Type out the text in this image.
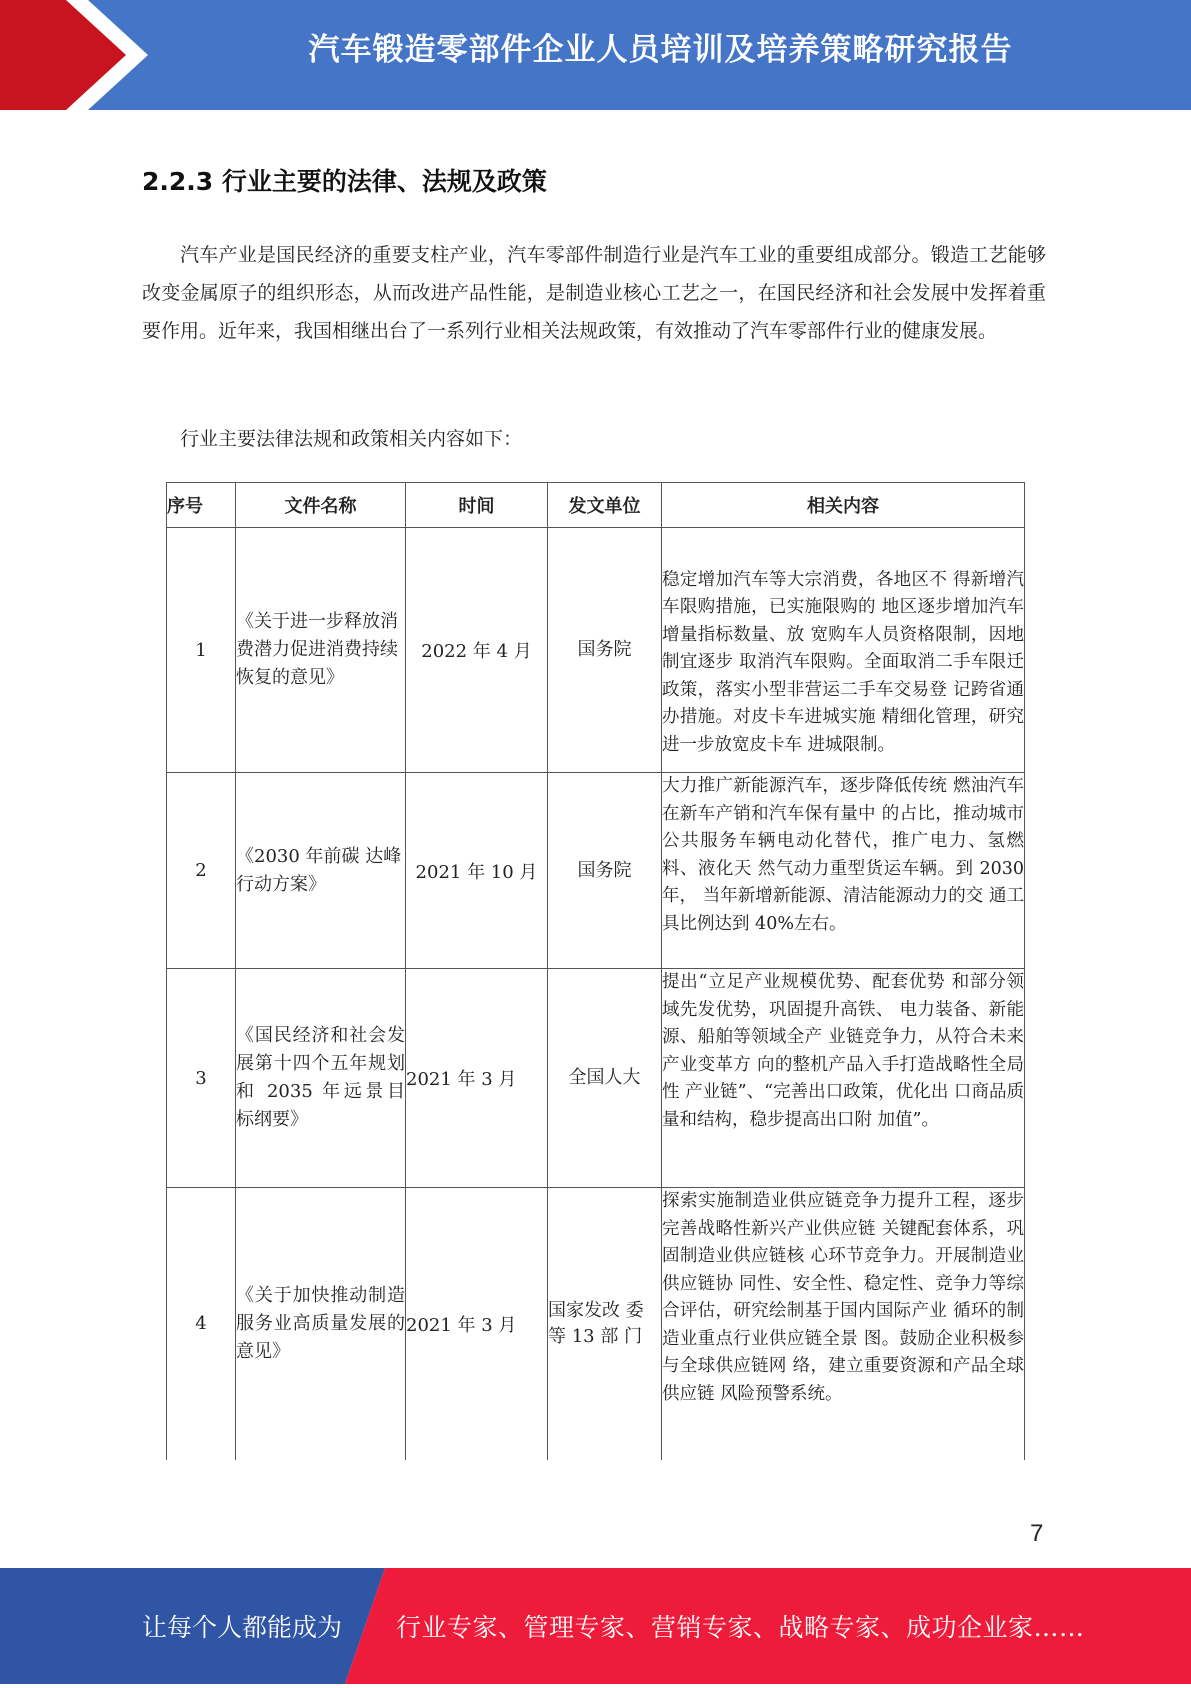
汽车锻造零部件企业人员培训及培养策略研究报告
2.2.3 行业主要的法律、法规及政策
汽车产业是国民经济的重要支柱产业，汽车零部件制造行业是汽车工业的重要组成部分。锻造工艺能够改变金属原子的组织形态，从而改进产品性能，是制造业核心工艺之一，在国民经济和社会发展中发挥着重要作用。近年来，我国相继出台了一系列行业相关法规政策，有效推动了汽车零部件行业的健康发展。
行业主要法律法规和政策相关内容如下：
序号	文件名称	时间	发文单位	相关内容
1	《关于进一步释放消费潜力促进消费持续恢复的意见》	2022 年 4 月	国务院	稳定增加汽车等大宗消费，各地区不 得新增汽车限购措施，已实施限购的 地区逐步增加汽车增量指标数量、放 宽购车人员资格限制，因地制宜逐步 取消汽车限购。全面取消二手车限迁 政策，落实小型非营运二手车交易登 记跨省通办措施。对皮卡车进城实施 精细化管理，研究进一步放宽皮卡车 进城限制。
2	《2030 年前碳 达峰行动方案》	2021 年 10 月	国务院	大力推广新能源汽车，逐步降低传统 燃油汽车在新车产销和汽车保有量中 的占比，推动城市公共服务车辆电动化替代，推广电力、氢燃料、液化天 然气动力重型货运车辆。到 2030 年， 当年新增新能源、清洁能源动力的交 通工具比例达到 40%左右。
3	《国民经济和社会发展第十四个五年规划和 2035 年远景目 标纲要》	2021 年 3 月	全国人大	提出“立足产业规模优势、配套优势 和部分领域先发优势，巩固提升高铁、 电力装备、新能源、船舶等领域全产 业链竞争力，从符合未来产业变革方 向的整机产品入手打造战略性全局性 产业链”、“完善出口政策，优化出 口商品质量和结构，稳步提高出口附 加值”。
4	《关于加快推动制造服务业高质量发展的意见》	2021 年 3 月	国家发改 委等 13 部 门	探索实施制造业供应链竞争力提升工程，逐步完善战略性新兴产业供应链 关键配套体系，巩固制造业供应链核 心环节竞争力。开展制造业供应链协 同性、安全性、稳定性、竞争力等综 合评估，研究绘制基于国内国际产业 循环的制造业重点行业供应链全景 图。鼓励企业积极参与全球供应链网 络，建立重要资源和产品全球供应链 风险预警系统。
7
让每个人都能成为 行业专家、管理专家、营销专家、战略专家、成功企业家……
